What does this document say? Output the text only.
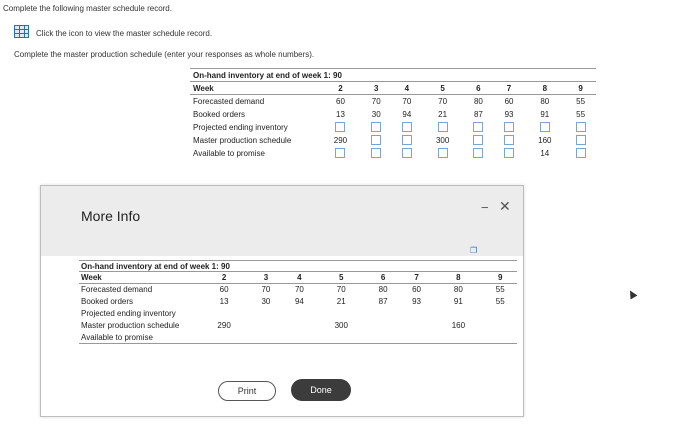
Complete the following master schedule record.
Click the icon to view the master schedule record.
Complete the master production schedule (enter your responses as whole numbers).
On-hand inventory at end of week 1: 90
Week	2	3	4	5	6	7	8	9
Forecasted demand	60	70	70	70	80	60	80	55
Booked orders	13	30	94	21	87	93	91	55
Projected ending inventory								
Master production schedule	290			300			160	
Available to promise							14	
More Info
− ✕
❐
On-hand inventory at end of week 1: 90
Week	2	3	4	5	6	7	8	9
Forecasted demand	60	70	70	70	80	60	80	55
Booked orders	13	30	94	21	87	93	91	55
Projected ending inventory								
Master production schedule	290			300			160	
Available to promise								
Print	Done
